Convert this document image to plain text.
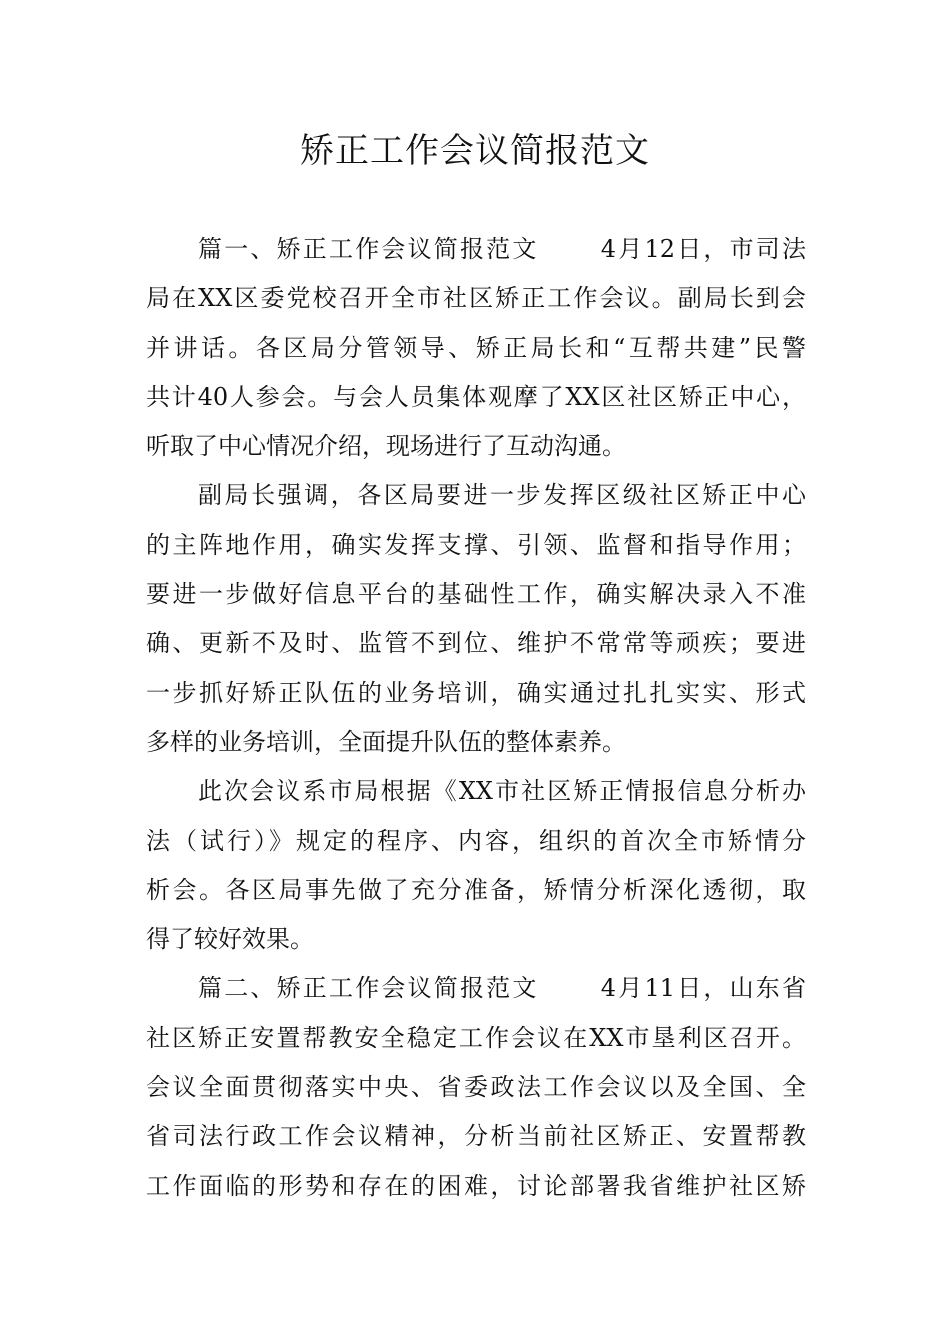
矫正工作会议简报范文
篇一、矫正工作会议简报范文　　 4月12日，市司法
局在XX区委党校召开全市社区矫正工作会议。副局长到会
并讲话。各区局分管领导、矫正局长和“互帮共建”民警
共计40人参会。与会人员集体观摩了XX区社区矫正中心，
听取了中心情况介绍，现场进行了互动沟通。
副局长强调，各区局要进一步发挥区级社区矫正中心
的主阵地作用，确实发挥支撑、引领、监督和指导作用；
要进一步做好信息平台的基础性工作，确实解决录入不准
确、更新不及时、监管不到位、维护不常常等顽疾；要进
一步抓好矫正队伍的业务培训，确实通过扎扎实实、形式
多样的业务培训，全面提升队伍的整体素养。
此次会议系市局根据《XX市社区矫正情报信息分析办
法（试行）》规定的程序、内容，组织的首次全市矫情分
析会。各区局事先做了充分准备，矫情分析深化透彻，取
得了较好效果。
篇二、矫正工作会议简报范文　　 4月11日，山东省
社区矫正安置帮教安全稳定工作会议在XX市垦利区召开。
会议全面贯彻落实中央、省委政法工作会议以及全国、全
省司法行政工作会议精神，分析当前社区矫正、安置帮教
工作面临的形势和存在的困难，讨论部署我省维护社区矫
